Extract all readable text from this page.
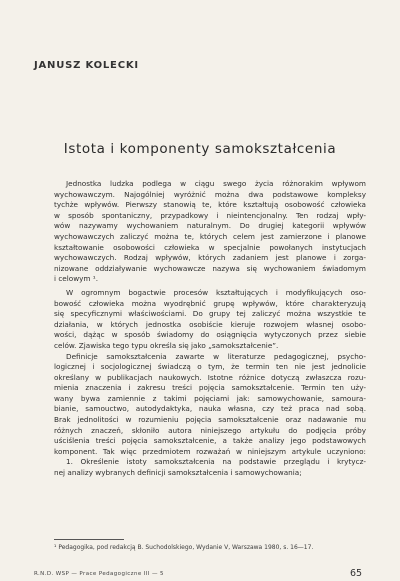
JANUSZ KOLECKI
Istota i komponenty samokształcenia
Jednostka ludzka podlega w ciągu swego życia różnorakim wpływom
wychowawczym. Najogólniej wyróżnić można dwa podstawowe kompleksy
tychże wpływów. Pierwszy stanowią te, które kształtują osobowość człowieka
w sposób spontaniczny, przypadkowy i nieintencjonalny. Ten rodzaj wpły-
wów nazywamy wychowaniem naturalnym. Do drugiej kategorii wpływów
wychowawczych zaliczyć można te, których celem jest zamierzone i planowe
kształtowanie osobowości człowieka w specjalnie powołanych instytucjach
wychowawczych. Rodzaj wpływów, których zadaniem jest planowe i zorga-
nizowane oddziaływanie wychowawcze nazywa się wychowaniem świadomym
i celowym ¹.
W ogromnym bogactwie procesów kształtujących i modyfikujących oso-
bowość człowieka można wyodrębnić grupę wpływów, które charakteryzują
się specyficznymi właściwościami. Do grupy tej zaliczyć można wszystkie te
działania, w których jednostka osobiście kieruje rozwojem własnej osobo-
wości, dążąc w sposób świadomy do osiągnięcia wytyczonych przez siebie
celów. Zjawiska tego typu określa się jako „samokształcenie”.
Definicje samokształcenia zawarte w literaturze pedagogicznej, psycho-
logicznej i socjologicznej świadczą o tym, że termin ten nie jest jednolicie
określany w publikacjach naukowych. Istotne różnice dotyczą zwłaszcza rozu-
mienia znaczenia i zakresu treści pojęcia samokształcenie. Termin ten uży-
wany bywa zamiennie z takimi pojęciami jak: samowychowanie, samoura-
bianie, samouctwo, autodydaktyka, nauka własna, czy też praca nad sobą.
Brak jednolitości w rozumieniu pojęcia samokształcenie oraz nadawanie mu
różnych znaczeń, skłoniło autora niniejszego artykułu do podjęcia próby
uściślenia treści pojęcia samokształcenie, a także analizy jego podstawowych
komponent. Tak więc przedmiotem rozważań w niniejszym artykule uczyniono:
1. Określenie istoty samokształcenia na podstawie przeglądu i krytycz-
nej analizy wybranych definicji samokształcenia i samowychowania;
¹ Pedagogika, pod redakcją B. Suchodolskiego, Wydanie V, Warszawa 1980, s. 16—17.
R.N.D. WSP — Prace Pedagogiczne III — 5	65
